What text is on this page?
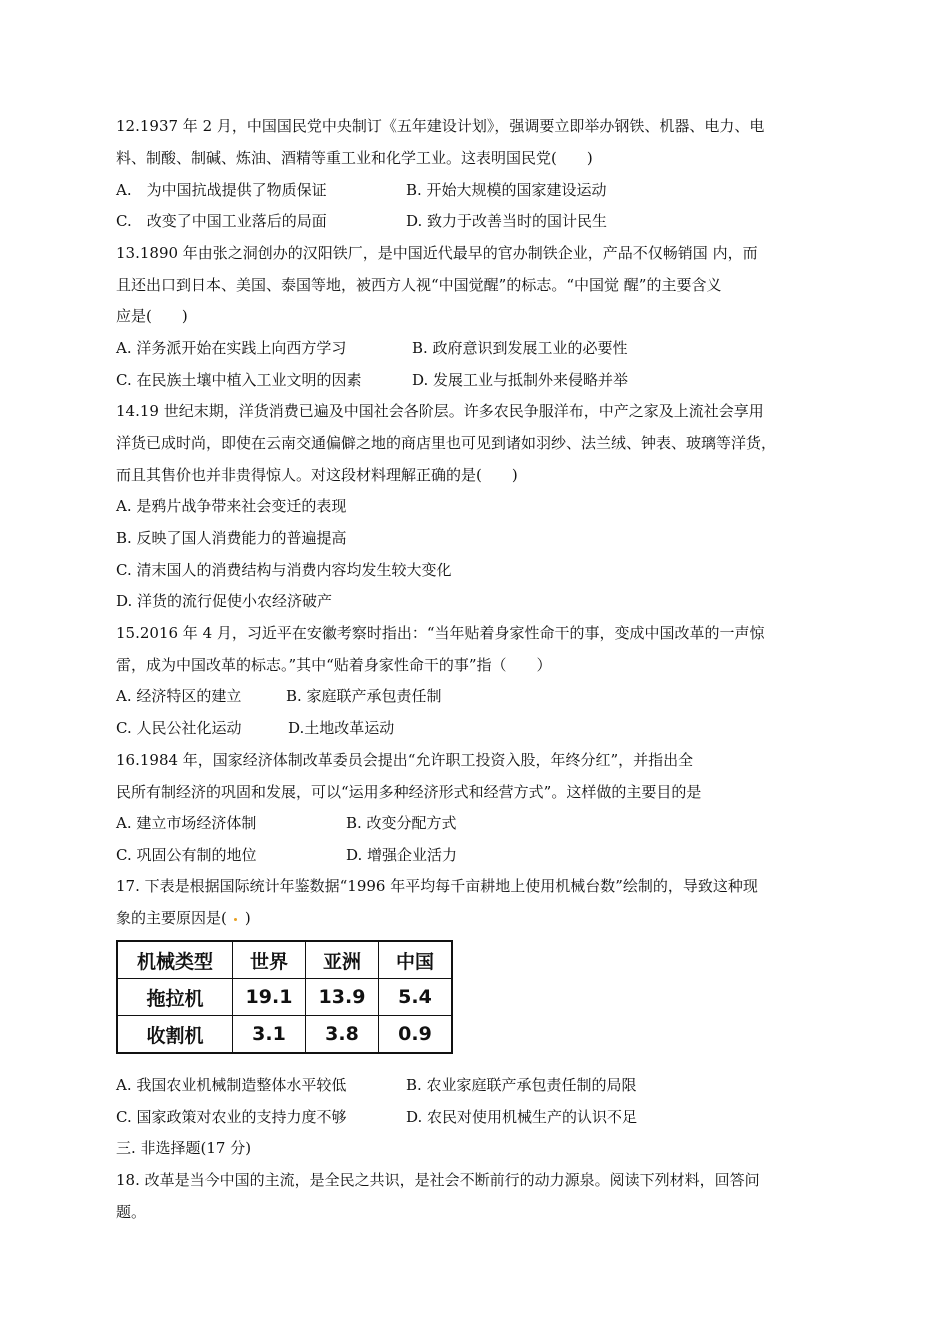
12.1937 年 2 月，中国国民党中央制订《五年建设计划》，强调要立即举办钢铁、机器、电力、电
料、制酸、制碱、炼油、酒精等重工业和化学工业。这表明国民党(　　)
A.　为中国抗战提供了物质保证	B. 开始大规模的国家建设运动
C.　改变了中国工业落后的局面	D. 致力于改善当时的国计民生
13.1890 年由张之洞创办的汉阳铁厂，是中国近代最早的官办制铁企业，产品不仅畅销国 内，而
且还出口到日本、美国、泰国等地，被西方人视“中国觉醒”的标志。“中国觉 醒”的主要含义
应是(　　)
A. 洋务派开始在实践上向西方学习	B. 政府意识到发展工业的必要性
C. 在民族土壤中植入工业文明的因素	D. 发展工业与抵制外来侵略并举
14.19 世纪末期，洋货消费已遍及中国社会各阶层。许多农民争服洋布，中产之家及上流社会享用
洋货已成时尚，即使在云南交通偏僻之地的商店里也可见到诸如羽纱、法兰绒、钟表、玻璃等洋货，
而且其售价也并非贵得惊人。对这段材料理解正确的是(　　)
A. 是鸦片战争带来社会变迁的表现
B. 反映了国人消费能力的普遍提高
C. 清末国人的消费结构与消费内容均发生较大变化
D. 洋货的流行促使小农经济破产
15.2016 年 4 月，习近平在安徽考察时指出：“当年贴着身家性命干的事，变成中国改革的一声惊
雷，成为中国改革的标志。”其中“贴着身家性命干的事”指（　　）
A. 经济特区的建立	B. 家庭联产承包责任制
C. 人民公社化运动	D.土地改革运动
16.1984 年，国家经济体制改革委员会提出“允许职工投资入股，年终分红”，并指出全
民所有制经济的巩固和发展，可以“运用多种经济形式和经营方式”。这样做的主要目的是
A. 建立市场经济体制	B. 改变分配方式
C. 巩固公有制的地位	D. 增强企业活力
17. 下表是根据国际统计年鉴数据“1996 年平均每千亩耕地上使用机械台数”绘制的，导致这种现
象的主要原因是( )
机械类型	世界	亚洲	中国
拖拉机	19.1	13.9	5.4
收割机	3.1	3.8	0.9
A. 我国农业机械制造整体水平较低	B. 农业家庭联产承包责任制的局限
C. 国家政策对农业的支持力度不够	D. 农民对使用机械生产的认识不足
三. 非选择题(17 分)
18. 改革是当今中国的主流，是全民之共识，是社会不断前行的动力源泉。阅读下列材料，回答问
题。
